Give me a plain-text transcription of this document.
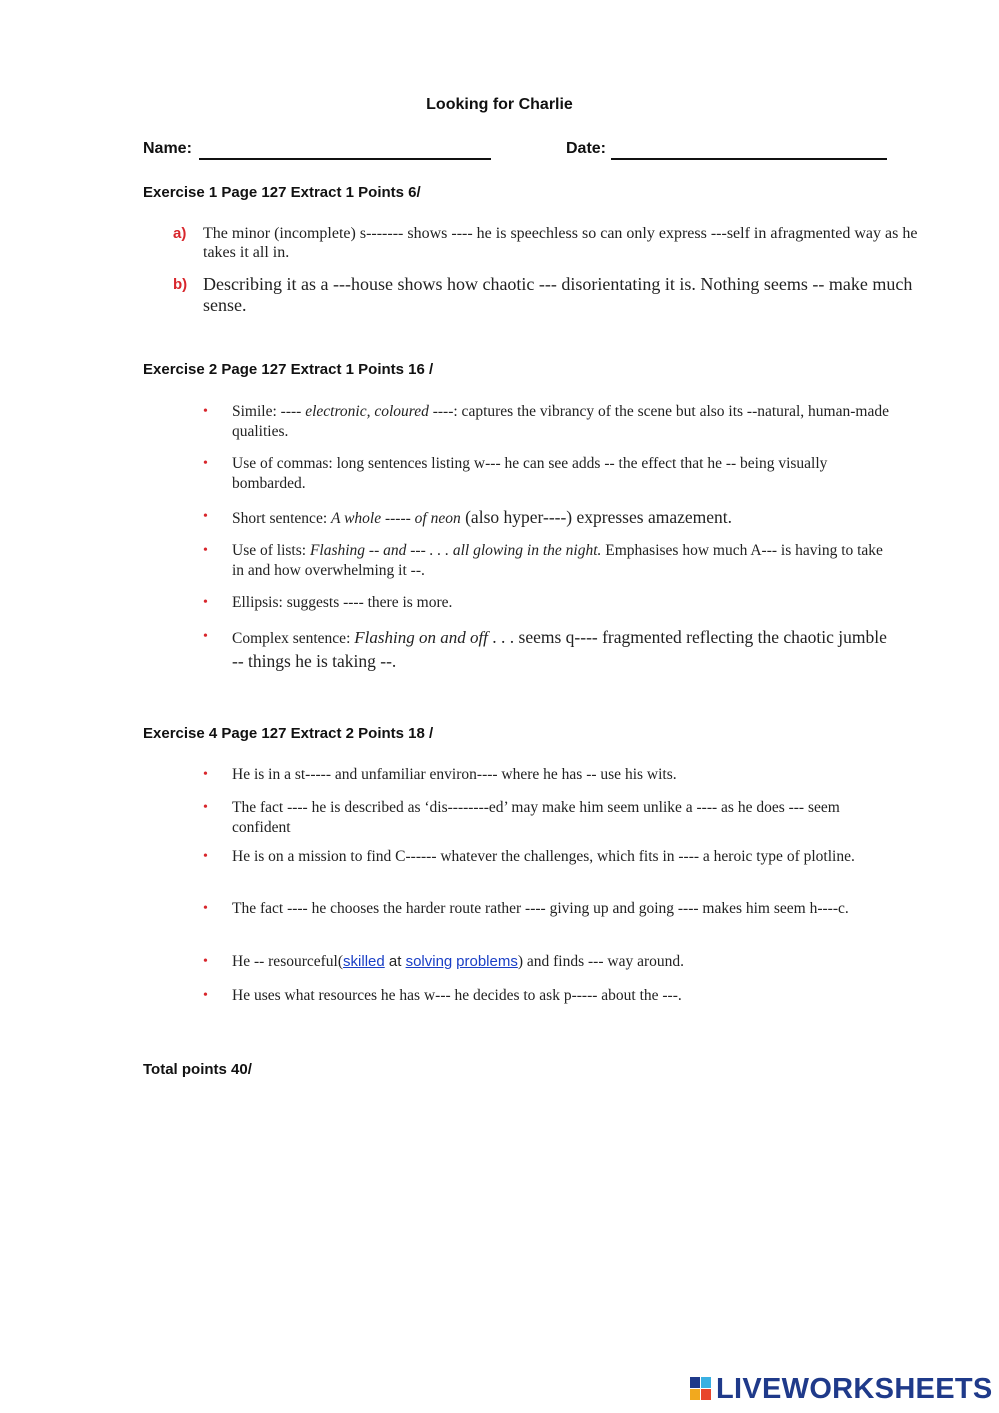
Looking for Charlie
Name:	Date:
Exercise 1 Page 127 Extract 1 Points 6/
a) The minor (incomplete) s------- shows ---- he is speechless so can only express ---self in afragmented way as he takes it all in.
b) Describing it as a ---house shows how chaotic --- disorientating it is. Nothing seems -- make much sense.
Exercise 2 Page 127 Extract 1 Points 16 /
• Simile: ---- electronic, coloured ----: captures the vibrancy of the scene but also its --natural, human-made qualities.
• Use of commas: long sentences listing w--- he can see adds -- the effect that he -- being visually bombarded.
• Short sentence: A whole ----- of neon (also hyper----) expresses amazement.
• Use of lists: Flashing -- and --- . . . all glowing in the night. Emphasises how much A--- is having to take in and how overwhelming it --.
• Ellipsis: suggests ---- there is more.
• Complex sentence: Flashing on and off . . . seems q---- fragmented reflecting the chaotic jumble -- things he is taking --.
Exercise 4 Page 127 Extract 2 Points 18 /
• He is in a st----- and unfamiliar environ---- where he has -- use his wits.
• The fact ---- he is described as ‘dis--------ed’ may make him seem unlike a ---- as he does --- seem confident
• He is on a mission to find C------ whatever the challenges, which fits in ---- a heroic type of plotline.
• The fact ---- he chooses the harder route rather ---- giving up and going ---- makes him seem h----c.
• He -- resourceful(skilled at solving problems) and finds --- way around.
• He uses what resources he has w--- he decides to ask p----- about the ---.
Total points 40/
LIVEWORKSHEETS
